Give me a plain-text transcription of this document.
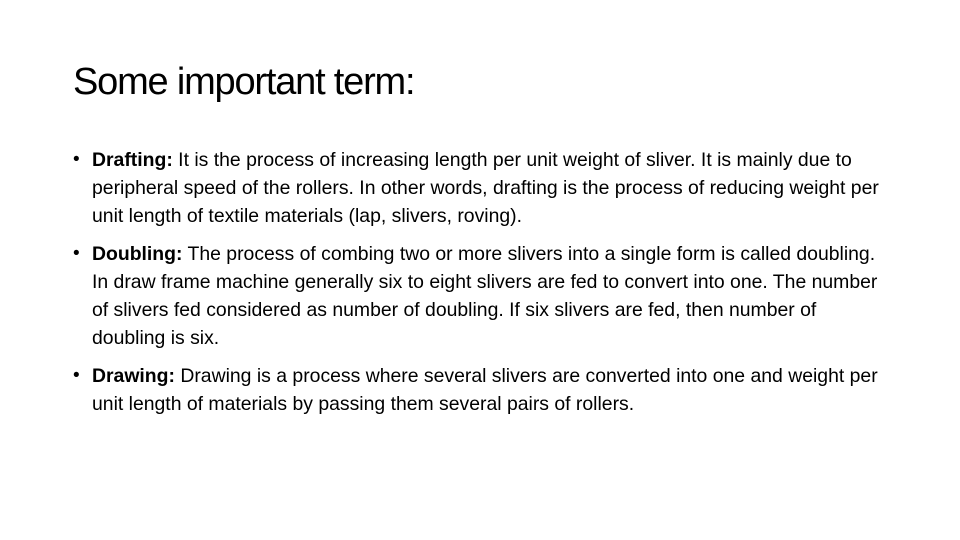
Some important term:
• Drafting: It is the process of increasing length per unit weight of sliver. It is mainly due to peripheral speed of the rollers. In other words, drafting is the process of reducing weight per unit length of textile materials (lap, slivers, roving).
• Doubling: The process of combing two or more slivers into a single form is called doubling. In draw frame machine generally six to eight slivers are fed to convert into one. The number of slivers fed considered as number of doubling. If six slivers are fed, then number of doubling is six.
• Drawing: Drawing is a process where several slivers are converted into one and weight per unit length of materials by passing them several pairs of rollers.
